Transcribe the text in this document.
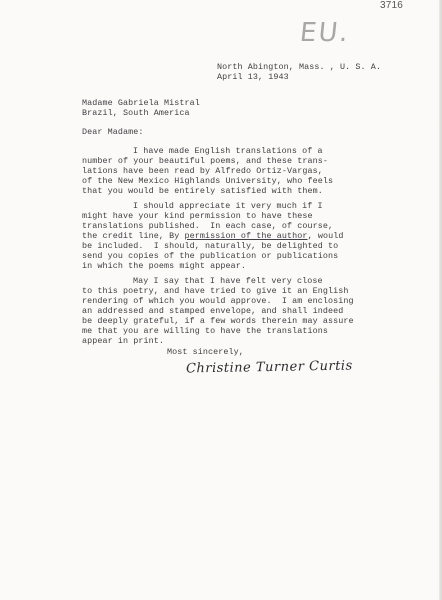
3716
EU.
North Abington, Mass. , U. S. A.
April 13, 1943
Madame Gabriela Mistral
Brazil, South America
Dear Madame:
I have made English translations of a
number of your beautiful poems, and these trans-
lations have been read by Alfredo Ortiz-Vargas,
of the New Mexico Highlands University, who feels
that you would be entirely satisfied with them.
I should appreciate it very much if I
might have your kind permission to have these
translations published.  In each case, of course,
the credit line, By permission of the author, would
be included.  I should, naturally, be delighted to
send you copies of the publication or publications
in which the poems might appear.
May I say that I have felt very close
to this poetry, and have tried to give it an English
rendering of which you would approve.  I am enclosing
an addressed and stamped envelope, and shall indeed
be deeply grateful, if a few words therein may assure
me that you are willing to have the translations
appear in print.
Most sincerely,
Christine Turner Curtis
